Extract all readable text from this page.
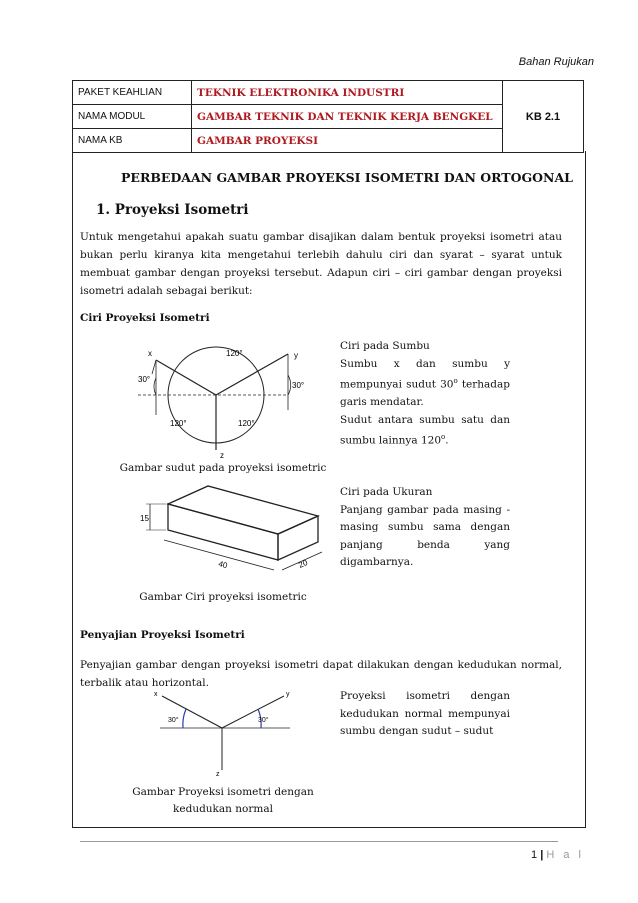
Bahan Rujukan
PAKET KEAHLIAN	TEKNIK ELEKTRONIKA INDUSTRI	KB 2.1
NAMA MODUL	GAMBAR TEKNIK DAN TEKNIK KERJA BENGKEL	
NAMA KB	GAMBAR PROYEKSI	
PERBEDAAN GAMBAR PROYEKSI ISOMETRI DAN ORTOGONAL
1. Proyeksi Isometri
Untuk mengetahui apakah suatu gambar disajikan dalam bentuk proyeksi isometri atau bukan perlu kiranya kita mengetahui terlebih dahulu ciri dan syarat – syarat untuk membuat gambar dengan proyeksi tersebut. Adapun ciri – ciri gambar dengan proyeksi isometri adalah sebagai berikut:
Ciri Proyeksi Isometri
x	y
z
30°
30°
120°
120°	120°
Ciri pada Sumbu
Sumbu x dan sumbu y mempunyai sudut 30$^o$ terhadap garis mendatar.
Sudut antara sumbu satu dan sumbu lainnya 120$^o$.
Gambar sudut pada proyeksi isometric
15
40	20
Ciri pada Ukuran
Panjang gambar pada masing - masing sumbu sama dengan panjang benda yang digambarnya.
Gambar Ciri proyeksi isometric
Penyajian Proyeksi Isometri
Penyajian gambar dengan proyeksi isometri dapat dilakukan dengan kedudukan normal, terbalik atau horizontal.
x	y
z
30°	30°
Proyeksi isometri dengan kedudukan normal mempunyai sumbu dengan sudut – sudut
Gambar Proyeksi isometri dengan
kedudukan normal
1 | H a l
